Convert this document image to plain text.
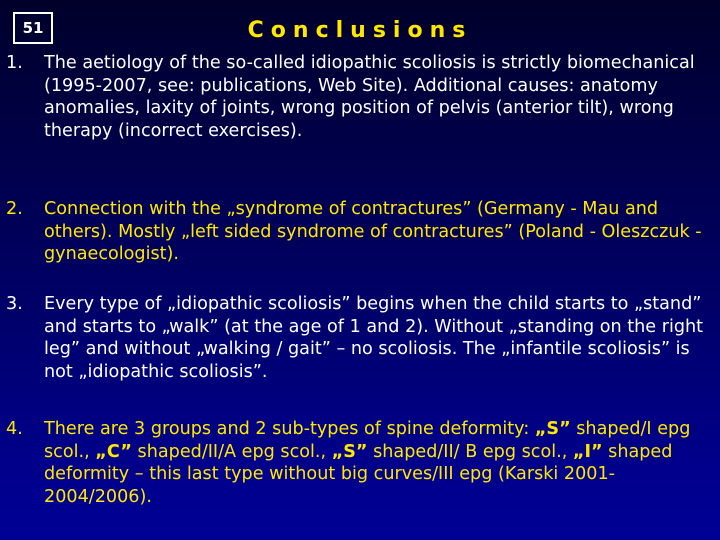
51	Conclusions
1. The aetiology of the so-called idiopathic scoliosis is strictly biomechanical (1995-2007, see: publications, Web Site). Additional causes: anatomy anomalies, laxity of joints, wrong position of pelvis (anterior tilt), wrong therapy (incorrect exercises).
2. Connection with the „syndrome of contractures” (Germany - Mau and others). Mostly „left sided syndrome of contractures” (Poland - Oleszczuk - gynaecologist).
3. Every type of „idiopathic scoliosis” begins when the child starts to „stand” and starts to „walk” (at the age of 1 and 2). Without „standing on the right leg” and without „walking / gait” – no scoliosis. The „infantile scoliosis” is not „idiopathic scoliosis”.
4. There are 3 groups and 2 sub-types of spine deformity: „S” shaped/I epg scol., „C” shaped/II/A epg scol., „S” shaped/II/ B epg scol., „I” shaped deformity – this last type without big curves/III epg (Karski 2001-2004/2006).
